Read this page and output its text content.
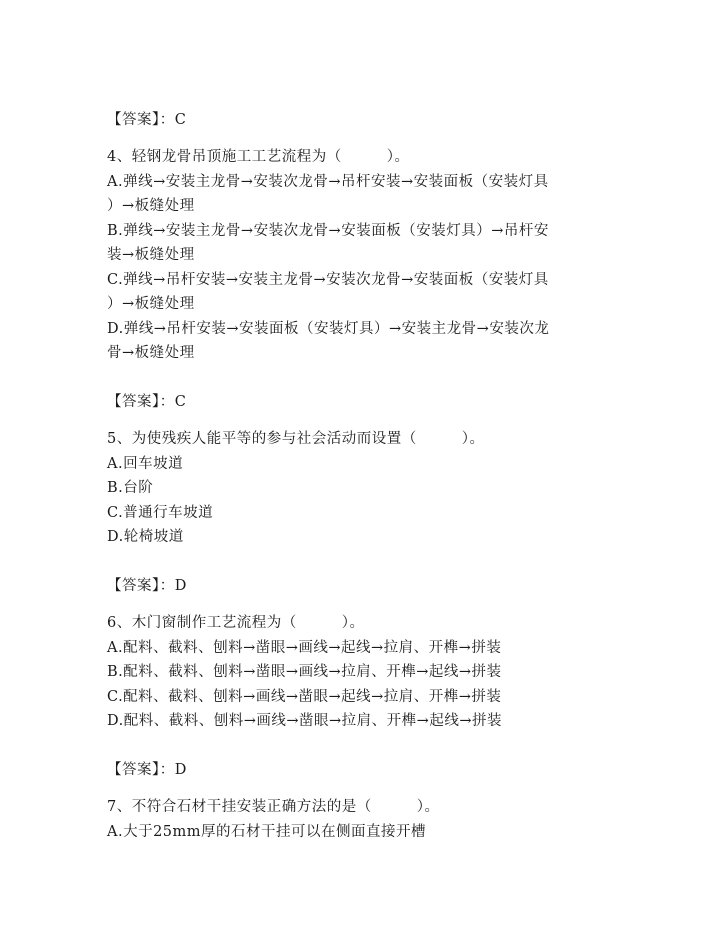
【答案】：C
4、轻钢龙骨吊顶施工工艺流程为（　　　）。
A.弹线→安装主龙骨→安装次龙骨→吊杆安装→安装面板（安装灯具
）→板缝处理
B.弹线→安装主龙骨→安装次龙骨→安装面板（安装灯具）→吊杆安
装→板缝处理
C.弹线→吊杆安装→安装主龙骨→安装次龙骨→安装面板（安装灯具
）→板缝处理
D.弹线→吊杆安装→安装面板（安装灯具）→安装主龙骨→安装次龙
骨→板缝处理
【答案】：C
5、为使残疾人能平等的参与社会活动而设置（　　　）。
A.回车坡道
B.台阶
C.普通行车坡道
D.轮椅坡道
【答案】：D
6、木门窗制作工艺流程为（　　　）。
A.配料、截料、刨料→凿眼→画线→起线→拉肩、开榫→拼装
B.配料、截料、刨料→凿眼→画线→拉肩、开榫→起线→拼装
C.配料、截料、刨料→画线→凿眼→起线→拉肩、开榫→拼装
D.配料、截料、刨料→画线→凿眼→拉肩、开榫→起线→拼装
【答案】：D
7、不符合石材干挂安装正确方法的是（　　　）。
A.大于25mm厚的石材干挂可以在侧面直接开槽
